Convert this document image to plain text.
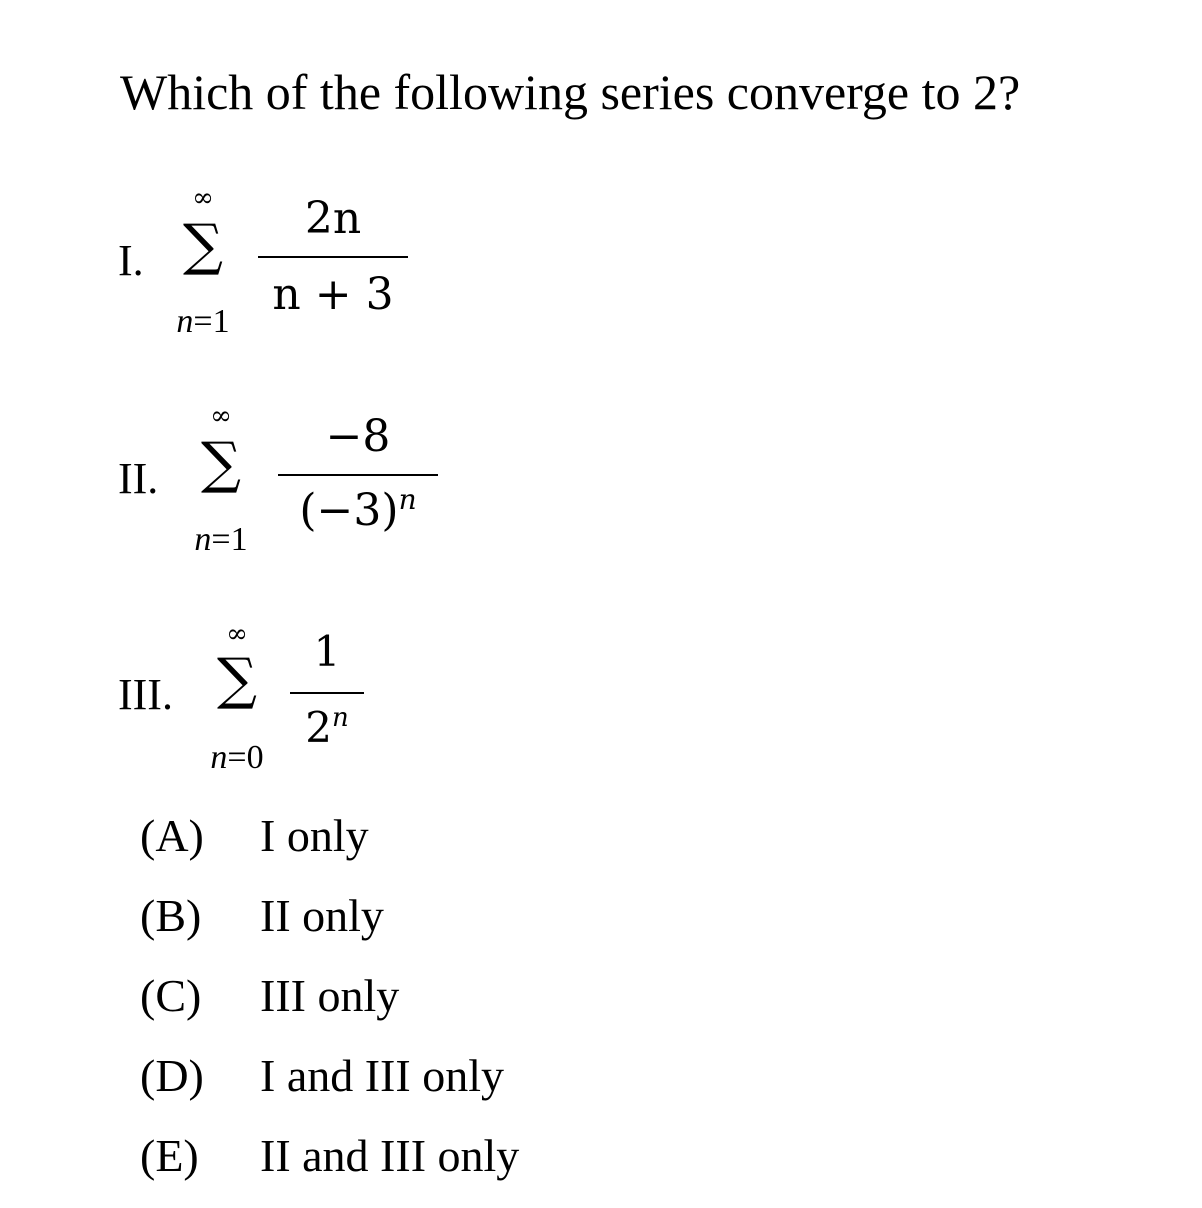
Which of the following series converge to 2?
I.
∞
∑
n=1
2n
n + 3
II.
∞
∑
n=1
−8
$(-3)^n$
III.
∞
∑
n=0
1
2$^n$
(A) I only
(B) II only
(C) III only
(D) I and III only
(E) II and III only
